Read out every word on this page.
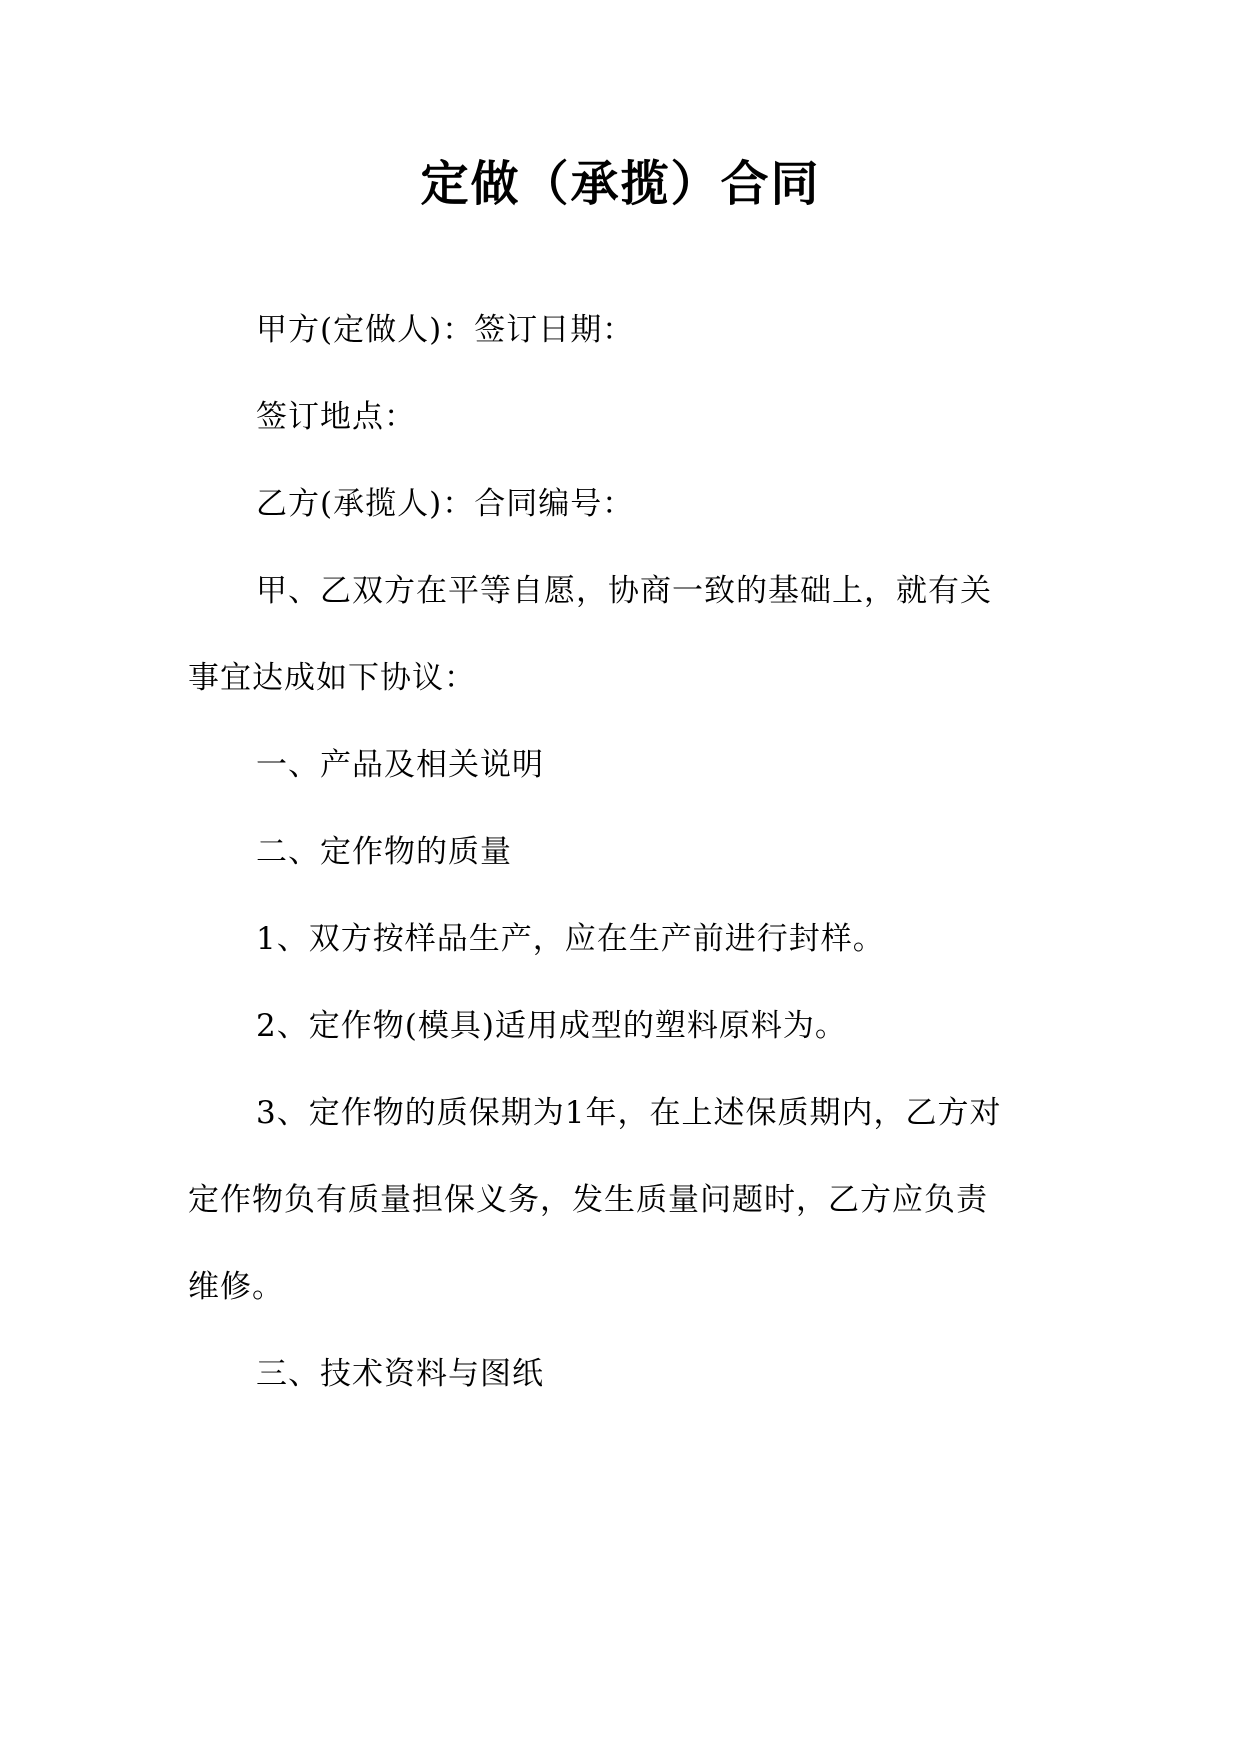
定做（承揽）合同
甲方(定做人)：签订日期：
签订地点：
乙方(承揽人)：合同编号：
甲、乙双方在平等自愿，协商一致的基础上，就有关
事宜达成如下协议：
一、产品及相关说明
二、定作物的质量
1、双方按样品生产，应在生产前进行封样。
2、定作物(模具)适用成型的塑料原料为。
3、定作物的质保期为1年，在上述保质期内，乙方对
定作物负有质量担保义务，发生质量问题时，乙方应负责
维修。
三、技术资料与图纸
